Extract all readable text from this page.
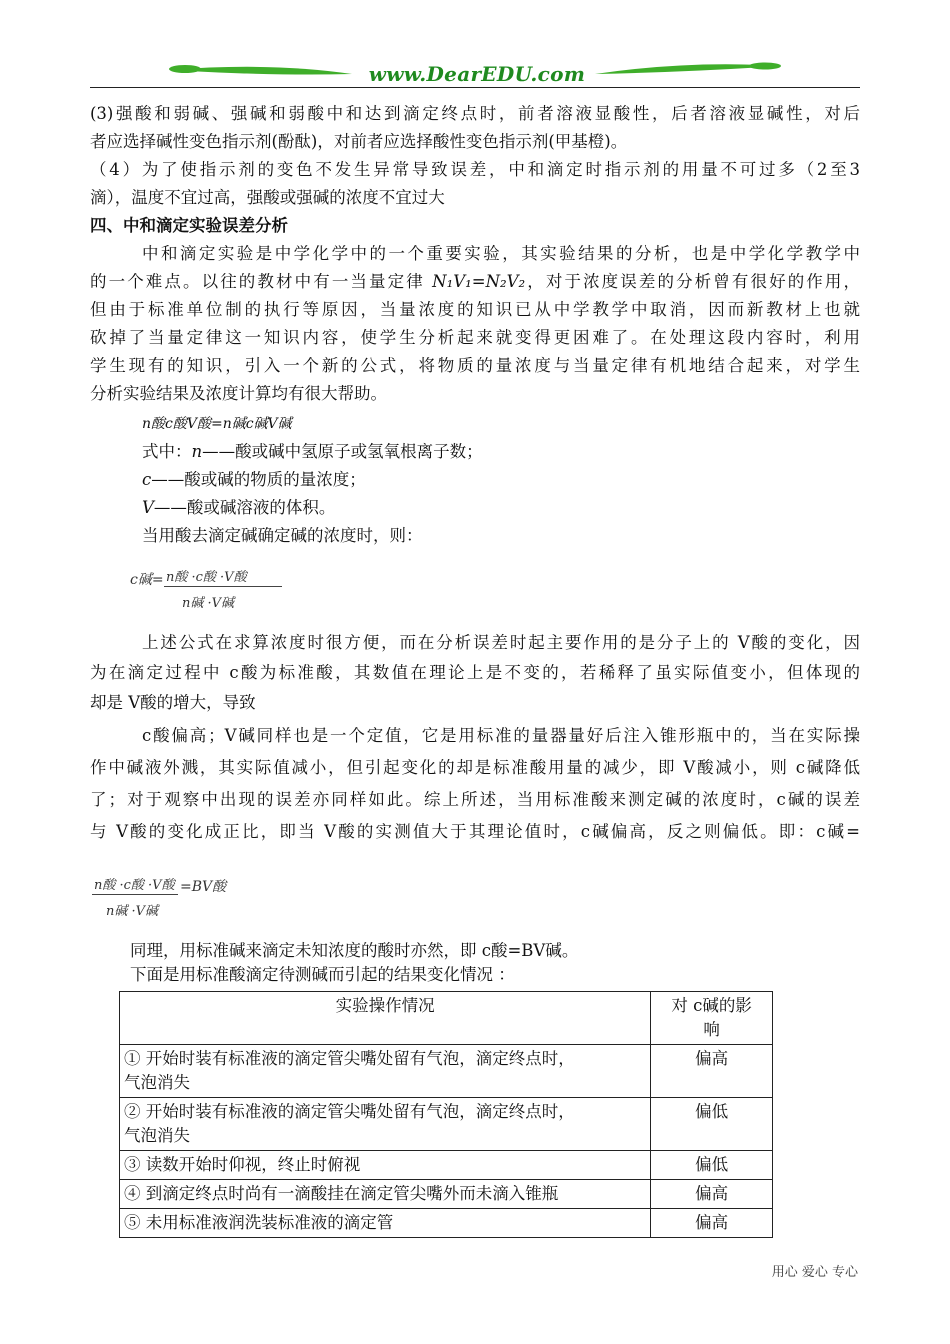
www.DearEDU.com
(3)强酸和弱碱、强碱和弱酸中和达到滴定终点时，前者溶液显酸性，后者溶液显碱性，对后
者应选择碱性变色指示剂(酚酞)，对前者应选择酸性变色指示剂(甲基橙)。
（4）为了使指示剂的变色不发生异常导致误差，中和滴定时指示剂的用量不可过多（2至3
滴），温度不宜过高，强酸或强碱的浓度不宜过大
四、中和滴定实验误差分析
中和滴定实验是中学化学中的一个重要实验，其实验结果的分析，也是中学化学教学中
的一个难点。以往的教材中有一当量定律 N₁V₁=N₂V₂，对于浓度误差的分析曾有很好的作用，
但由于标准单位制的执行等原因，当量浓度的知识已从中学教学中取消，因而新教材上也就
砍掉了当量定律这一知识内容，使学生分析起来就变得更困难了。在处理这段内容时，利用
学生现有的知识，引入一个新的公式，将物质的量浓度与当量定律有机地结合起来，对学生
分析实验结果及浓度计算均有很大帮助。
n酸c酸V酸=n碱c碱V碱
式中：n——酸或碱中氢原子或氢氧根离子数；
c——酸或碱的物质的量浓度；
V——酸或碱溶液的体积。
当用酸去滴定碱确定碱的浓度时，则：
c碱= n酸 ·c酸 ·V酸
n碱 ·V碱
上述公式在求算浓度时很方便，而在分析误差时起主要作用的是分子上的 V酸的变化，因
为在滴定过程中 c酸为标准酸，其数值在理论上是不变的，若稀释了虽实际值变小，但体现的
却是 V酸的增大，导致
c酸偏高；V碱同样也是一个定值，它是用标准的量器量好后注入锥形瓶中的，当在实际操
作中碱液外溅，其实际值减小，但引起变化的却是标准酸用量的减少，即 V酸减小，则 c碱降低
了；对于观察中出现的误差亦同样如此。综上所述，当用标准酸来测定碱的浓度时，c碱的误差
与 V酸的变化成正比，即当 V酸的实测值大于其理论值时，c碱偏高，反之则偏低。即：c碱=
n酸 ·c酸 ·V酸 =BV酸
n碱 ·V碱
同理，用标准碱来滴定未知浓度的酸时亦然，即 c酸=BV碱。
下面是用标准酸滴定待测碱而引起的结果变化情况 ：
实验操作情况	对 c碱的影
响
① 开始时装有标准液的滴定管尖嘴处留有气泡，滴定终点时，
气泡消失	偏高
② 开始时装有标准液的滴定管尖嘴处留有气泡，滴定终点时，
气泡消失	偏低
③ 读数开始时仰视，终止时俯视	偏低
④ 到滴定终点时尚有一滴酸挂在滴定管尖嘴外而未滴入锥瓶	偏高
⑤ 未用标准液润洗装标准液的滴定管	偏高
用心 爱心 专心
